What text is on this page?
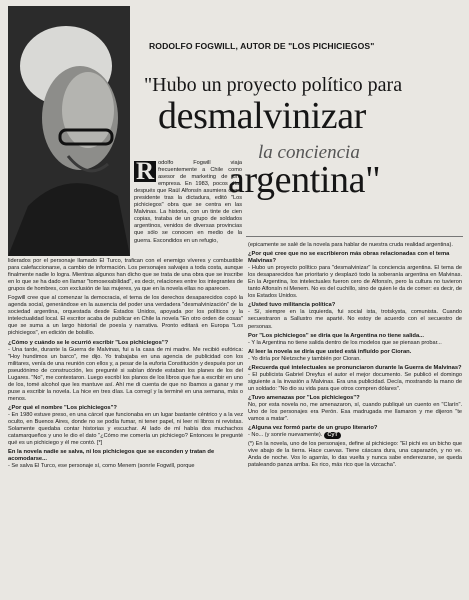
RODOLFO FOGWILL, AUTOR DE "LOS PICHICIEGOS"
"Hubo un proyecto político para
desmalvinizar
la conciencia
argentina"
R odolfo Fogwill viaja frecuentemente a Chile como asesor de marketing de una empresa. En 1983, pocos días después que Raúl Alfonsín asumiera como presidente tras la dictadura, editó "Los pichiciegos" obra que se centra en las Malvinas. La historia, con un tinte de cien copias, trataba de un grupo de soldados argentinos, venidos de diversas provincias que sólo se conocen en medio de la guerra. Escondidos en un refugio,

liderados por el personaje llamado El Turco, trafican con el enemigo víveres y combustible para calefaccionarse, a cambio de información. Los personajes salvajes a toda costa, aunque finalmente nadie lo logra. Mientras algunos han dicho que se trata de una obra que se inscribe en lo que se ha dado en llamar "tomosexabilidad", es decir, relaciones entre los integrantes de grupos de hombres, con exclusión de las mujeres, ya que en la novela ellas no aparecen.

Fogwill cree que al comenzar la democracia, el tema de los derechos desaparecidos copó la agenda social, generándose en la ausencia del poder una verdadera "desmalvinización" de la sociedad argentina, orquestada desde Estados Unidos, apoyada por los políticos y la intelectualidad local. El escritor acaba de publicar en Chile la novela "En otro orden de cosas" que se suma a un largo historial de poesía y narrativa. Pronto editará en Europa "Los pichiciegos", en edición de bolsillo.

¿Cómo y cuándo se le ocurrió escribir "Los pichiciegos"?

- Una tarde, durante la Guerra de Malvinas, fui a la casa de mi madre. Me recibió eufórica: "Hoy hundimos un barco", me dijo. Yo trabajaba en una agencia de publicidad con los militares, venía de una reunión con ellos y, a pesar de la euforia Constitución y después por un pseudónimo de construcción, les pregunté si sabían dónde estaban los planes de los del Lugares. "No", me contestaron. Luego escribí los planos de los libros que fue a escribir en uno de los, tomé alcohol que les mantuve así. Ahí me di cuenta de que no íbamos a ganar y me puse a escribir la novela. La hice en tres días. La corregí y la terminé en una semana, más o menos.

¿Por qué el nombre "Los pichiciegos"?

- En 1980 estuve preso, en una cárcel que funcionaba en un lugar bastante céntrico y a la vez oculto, en Buenos Aires, donde no se podía fumar, ni tener papel, ni leer ni libros ni revistas. Solamente quedaba contar historias y escuchar. Al lado de mí había dos muchachos catamarqueños y uno le dio el dato "¿Cómo me comería un pichiciego? Entonces le pregunté qué es un pichiciego y él me contó. [*]

En la novela nadie se salva, ni los pichiciegos que se esconden y tratan de acomodarse...

- Se salva El Turco, ese personaje sí, como Menem (sonríe Fogwill, porque

(epicamente se salé de la novela para hablar de nuestra cruda realidad argentina).

¿Por qué cree que no se escribieron más obras relacionadas con el tema Malvinas?

- Hubo un proyecto político para "desmalvinizar" la conciencia argentina. El tema de los desaparecidos fue prioritario y desplazó todo la soberanía argentina en Malvinas. En la Argentina, los intelectuales fueron cero de Alfonsín, pero la cultura no tuvieron tanto Alfonsín ni Menem. No es del cuchillo, sino de quien le da de comer: es decir, de los Estados Unidos.

¿Usted tuvo militancia política?

- Sí, siempre en la izquierda, fui social ista, trotskysta, comunista. Cuando secuestraron a Sallustro me aparté. No estoy de acuerdo con el secuestro de personas.

Por "Los pichiciegos" se diría que la Argentina no tiene salida...

- Y la Argentina no tiene salida dentro de los modelos que se piensan probar...

Al leer la novela se diría que usted está influído por Cioran.

- Yo diría por Nietzsche y también por Cioran.

¿Recuerda qué intelectuales se pronunciaron durante la Guerra de Malvinas?

- El publicista Gabriel Dreyfus el autor el mejor documento. Se publicó el domingo siguiente a la invasión a Malvinas. Era una publicidad. Decía, mostrando la mano de un soldado: "No dio su vida para que otros compren dólares".

¿Tuvo amenazas por "Los pichiciegos"?

No, por esta novela no, me amenazaron, sí, cuando publiqué un cuento en "Clarín". Uno de los personajes era Perón. Esa madrugada me llamaron y me dijeron "te vamos a matar".

¿Alguna vez formó parte de un grupo literario?

- No... (y sonríe nuevamente). CyT

(*) En la novela, uno de los personajes, define al pichiciego: "El pichi es un bicho que vive abajo de la tierra. Hace cuevas. Tiene cáscara dura, una caparazón, y no ve. Anda de noche. Vos lo agarrás, lo das vuelta y nunca sabe enderezarse, se queda pataleando panza arriba. Es rico, más rico que la vizcacha".
